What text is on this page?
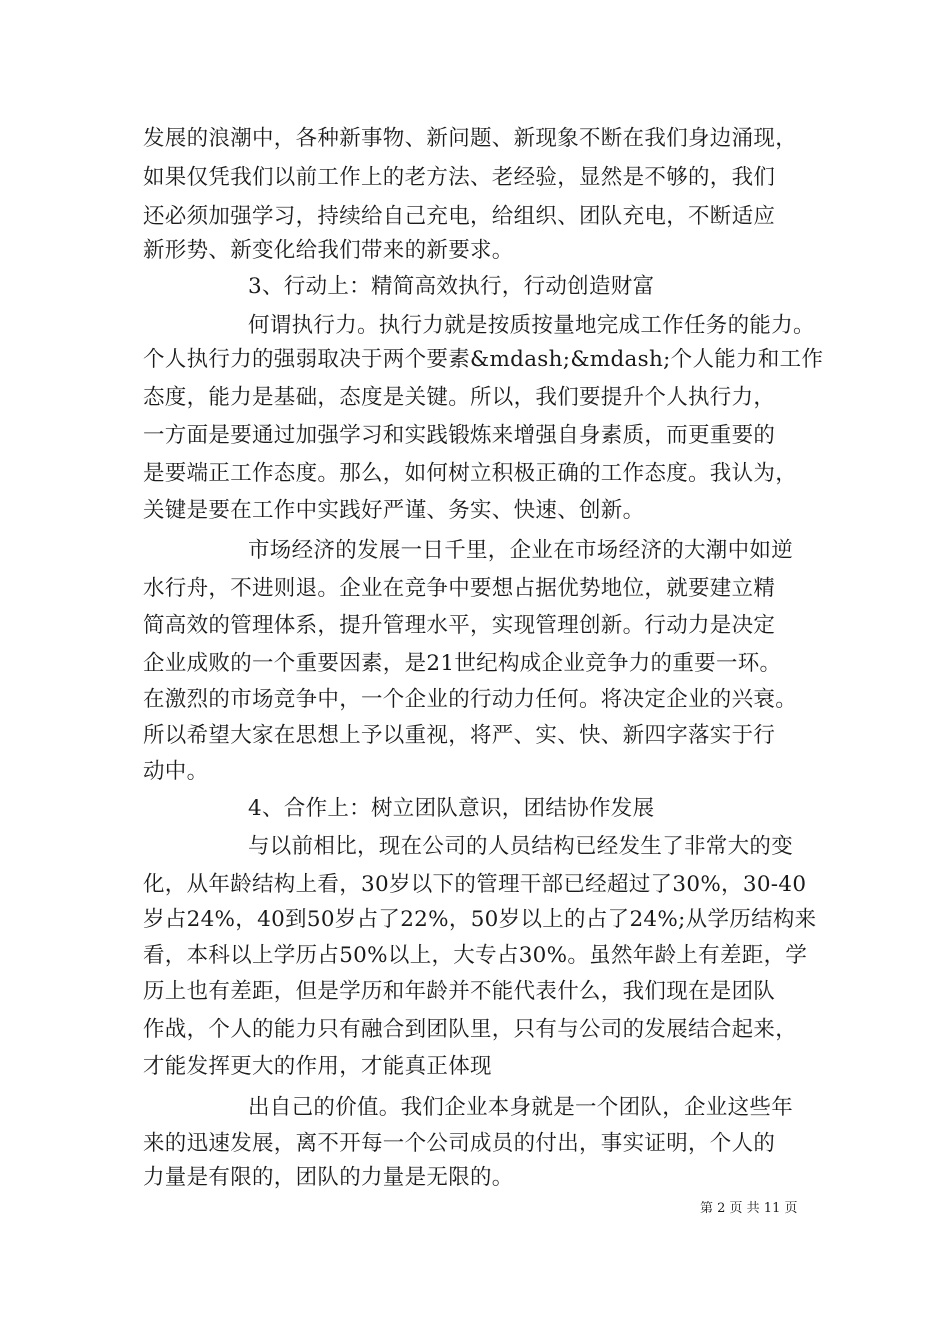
发展的浪潮中，各种新事物、新问题、新现象不断在我们身边涌现，
如果仅凭我们以前工作上的老方法、老经验，显然是不够的，我们
还必须加强学习，持续给自己充电，给组织、团队充电，不断适应
新形势、新变化给我们带来的新要求。
3、行动上：精简高效执行，行动创造财富
何谓执行力。执行力就是按质按量地完成工作任务的能力。
个人执行力的强弱取决于两个要素&mdash;&mdash;个人能力和工作
态度，能力是基础，态度是关键。所以，我们要提升个人执行力，
一方面是要通过加强学习和实践锻炼来增强自身素质，而更重要的
是要端正工作态度。那么，如何树立积极正确的工作态度。我认为，
关键是要在工作中实践好严谨、务实、快速、创新。
市场经济的发展一日千里，企业在市场经济的大潮中如逆
水行舟，不进则退。企业在竞争中要想占据优势地位，就要建立精
简高效的管理体系，提升管理水平，实现管理创新。行动力是决定
企业成败的一个重要因素，是21世纪构成企业竞争力的重要一环。
在激烈的市场竞争中，一个企业的行动力任何。将决定企业的兴衰。
所以希望大家在思想上予以重视，将严、实、快、新四字落实于行
动中。
4、合作上：树立团队意识，团结协作发展
与以前相比，现在公司的人员结构已经发生了非常大的变
化，从年龄结构上看，30岁以下的管理干部已经超过了30%，30-40
岁占24%，40到50岁占了22%，50岁以上的占了24%;从学历结构来
看，本科以上学历占50%以上，大专占30%。虽然年龄上有差距，学
历上也有差距，但是学历和年龄并不能代表什么，我们现在是团队
作战，个人的能力只有融合到团队里，只有与公司的发展结合起来，
才能发挥更大的作用，才能真正体现
出自己的价值。我们企业本身就是一个团队，企业这些年
来的迅速发展，离不开每一个公司成员的付出，事实证明，个人的
力量是有限的，团队的力量是无限的。
第 2 页 共 11 页
